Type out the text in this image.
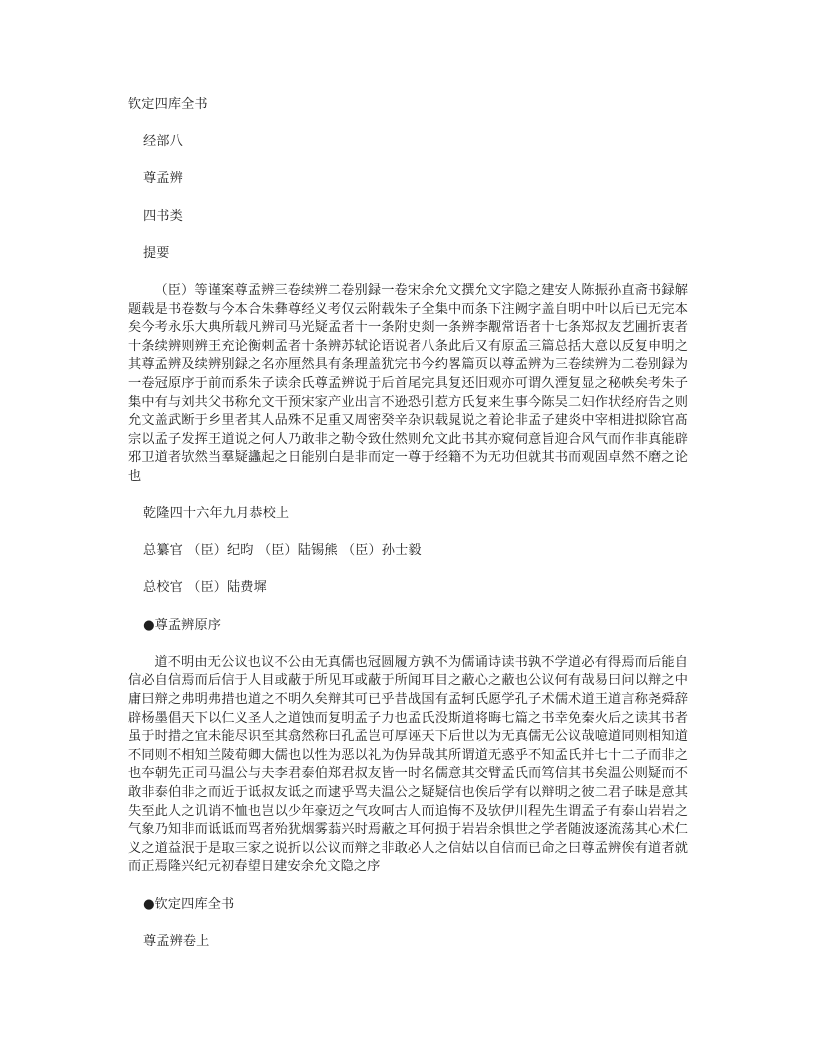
钦定四库全书
经部八
尊孟辨
四书类
提要
（臣）等谨案尊孟辨三卷续辨二卷别録一卷宋余允文撰允文字隐之建安人陈振孙直斋书録解题载是书卷数与今本合朱彝尊经义考仅云附载朱子全集中而条下注阙字盖自明中叶以后已无完本矣今考永乐大典所载凡辨司马光疑孟者十一条附史剡一条辨李觏常语者十七条郑叔友艺圃折衷者十条续辨则辨王充论衡刺孟者十条辨苏轼论语说者八条此后又有原孟三篇总括大意以反复申明之其尊孟辨及续辨别録之名亦厘然具有条理盖犹完书今约畧篇页以尊孟辨为三卷续辨为二卷别録为一卷冠原序于前而系朱子读余氏尊孟辨说于后首尾完具复还旧观亦可谓久湮复显之秘帙矣考朱子集中有与刘共父书称允文干预宋家产业出言不逊恐引惹方氏复来生事今陈吴二妇作状经府告之则允文盖武断于乡里者其人品殊不足重又周密癸辛杂识载晁说之着论非孟子建炎中宰相进拟除官髙宗以孟子发挥王道说之何人乃敢非之勒令致仕然则允文此书其亦窥伺意旨迎合风气而作非真能辟邪卫道者欤然当羣疑蠭起之日能别白是非而定一尊于经籍不为无功但就其书而观固卓然不磨之论也
乾隆四十六年九月恭校上
总纂官 （臣）纪昀 （臣）陆锡熊 （臣）孙士毅
总校官 （臣）陆费墀
●尊孟辨原序
道不明由无公议也议不公由无真儒也冠圆履方孰不为儒诵诗读书孰不学道必有得焉而后能自信必自信焉而后信于人目或蔽于所见耳或蔽于所闻耳目之蔽心之蔽也公议何有哉易曰问以辩之中庸曰辩之弗明弗措也道之不明久矣辩其可已乎昔战国有孟轲氏愿学孔子术儒术道王道言称尧舜辞辟杨墨倡天下以仁义圣人之道蚀而复明孟子力也孟氏没斯道将晦七篇之书幸免秦火后之读其书者虽于时措之宜未能尽识至其翕然称曰孔孟岂可厚诬天下后世以为无真儒无公议哉噫道同则相知道不同则不相知兰陵荀卿大儒也以性为恶以礼为伪异哉其所谓道无惑乎不知孟氏并七十二子而非之也夲朝先正司马温公与夫李君泰伯郑君叔友皆一时名儒意其交臂孟氏而笃信其书矣温公则疑而不敢非泰伯非之而近于诋叔友诋之而逮乎骂夫温公之疑疑信也俟后学有以辩明之彼二君子昧是意其失至此人之讥诮不恤也岂以少年豪迈之气攻呵古人而追悔不及欤伊川程先生谓孟子有泰山岩岩之气象乃知非而诋诋而骂者殆犹烟雾蓊兴时焉蔽之耳何损于岩岩余惧世之学者随波逐流荡其心术仁义之道益泯于是取三家之说折以公议而辩之非敢必人之信姑以自信而已命之曰尊孟辨俟有道者就而正焉隆兴纪元初春望日建安余允文隐之序
●钦定四库全书
尊孟辨卷上
